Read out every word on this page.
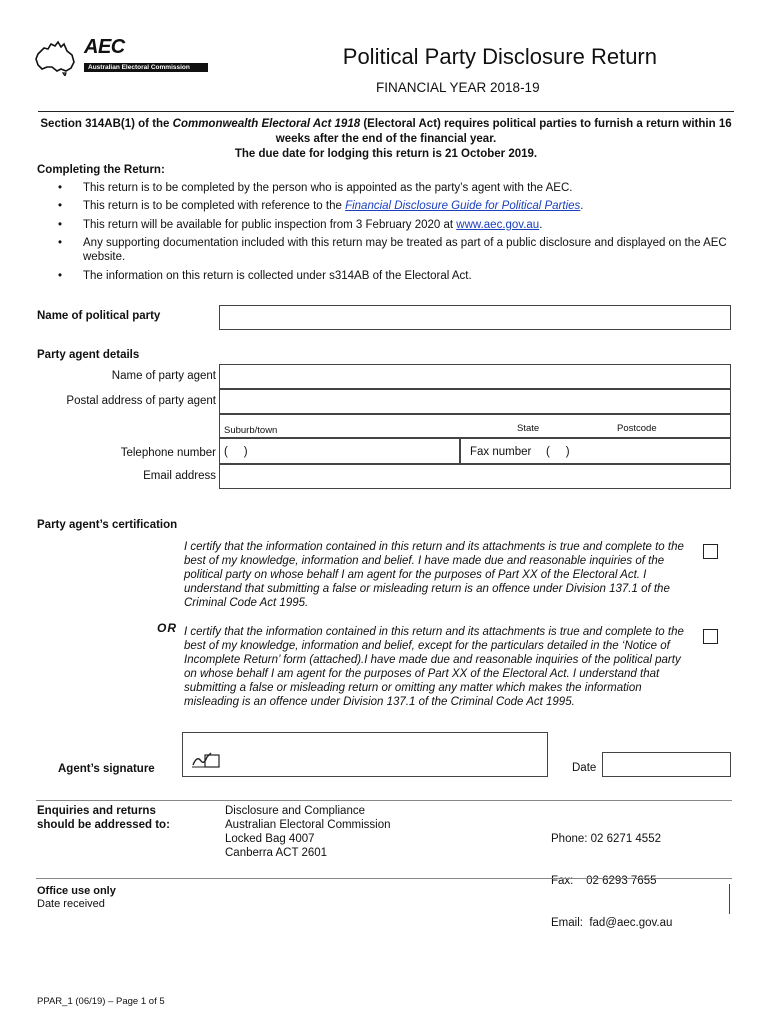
AEC
Australian Electoral Commission	Political Party Disclosure Return
FINANCIAL YEAR 2018-19
Section 314AB(1) of the Commonwealth Electoral Act 1918 (Electoral Act) requires political parties to furnish a return within 16 weeks after the end of the financial year.
The due date for lodging this return is 21 October 2019.
Completing the Return:
• This return is to be completed by the person who is appointed as the party’s agent with the AEC.
• This return is to be completed with reference to the Financial Disclosure Guide for Political Parties.
• This return will be available for public inspection from 3 February 2020 at www.aec.gov.au.
• Any supporting documentation included with this return may be treated as part of a public disclosure and displayed on the AEC website.
• The information on this return is collected under s314AB of the Electoral Act.
Name of political party
Party agent details
Name of party agent
Postal address of party agent
Suburb/town	State	Postcode
Telephone number (     )	Fax number (     )
Email address
Party agent’s certification
I certify that the information contained in this return and its attachments is true and complete to the best of my knowledge, information and belief. I have made due and reasonable inquiries of the political party on whose behalf I am agent for the purposes of Part XX of the Electoral Act. I understand that submitting a false or misleading return is an offence under Division 137.1 of the Criminal Code Act 1995.
OR I certify that the information contained in this return and its attachments is true and complete to the best of my knowledge, information and belief, except for the particulars detailed in the ‘Notice of Incomplete Return’ form (attached).I have made due and reasonable inquiries of the political party on whose behalf I am agent for the purposes of Part XX of the Electoral Act. I understand that submitting a false or misleading return or omitting any matter which makes the information misleading is an offence under Division 137.1 of the Criminal Code Act 1995.
Agent’s signature	Date
Enquiries and returns
should be addressed to:
Disclosure and Compliance
Australian Electoral Commission
Locked Bag 4007
Canberra ACT 2601

Phone: 02 6271 4552

Fax:    02 6293 7655

Email:  fad@aec.gov.au

Office use only
Date received
PPAR_1 (06/19) – Page 1 of 5
